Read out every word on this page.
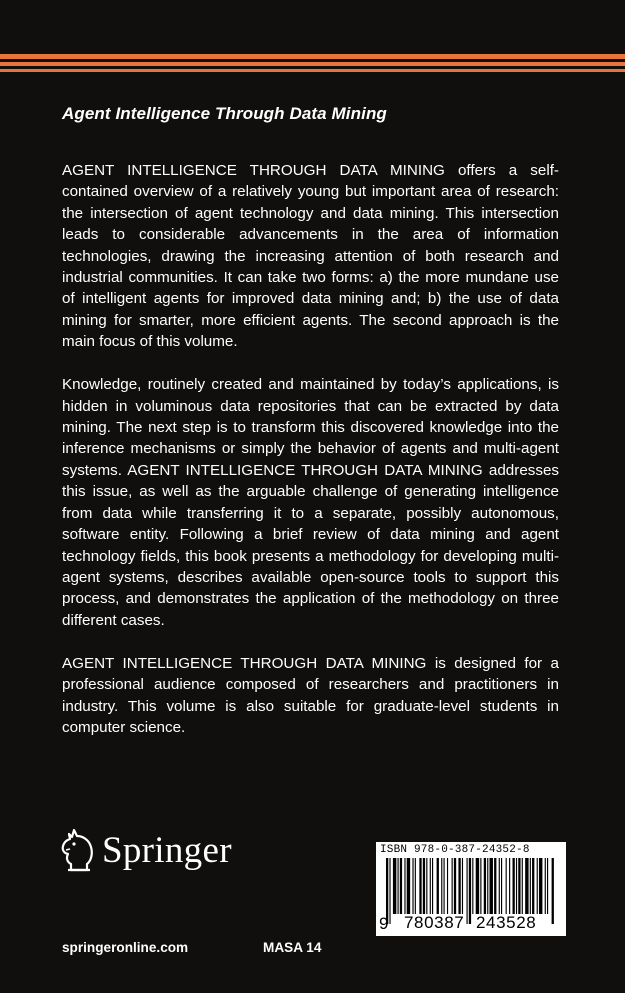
Agent Intelligence Through Data Mining

AGENT INTELLIGENCE THROUGH DATA MINING offers a self-contained overview of a relatively young but important area of research: the intersection of agent technology and data mining. This intersection leads to considerable advancements in the area of information technologies, drawing the increasing attention of both research and industrial communities. It can take two forms: a) the more mundane use of intelligent agents for improved data mining and; b) the use of data mining for smarter, more efficient agents. The second approach is the main focus of this volume.

Knowledge, routinely created and maintained by today’s applications, is hidden in voluminous data repositories that can be extracted by data mining. The next step is to transform this discovered knowledge into the inference mechanisms or simply the behavior of agents and multi-agent systems. AGENT INTELLIGENCE THROUGH DATA MINING addresses this issue, as well as the arguable challenge of generating intelligence from data while transferring it to a separate, possibly autonomous, software entity. Following a brief review of data mining and agent technology fields, this book presents a methodology for developing multi-agent systems, describes available open-source tools to support this process, and demonstrates the application of the methodology on three different cases.

AGENT INTELLIGENCE THROUGH DATA MINING is designed for a professional audience composed of researchers and practitioners in industry. This volume is also suitable for graduate-level students in computer science.

Springer	ISBN 978-0-387-24352-8
9 780387 243528
springeronline.com	MASA 14
